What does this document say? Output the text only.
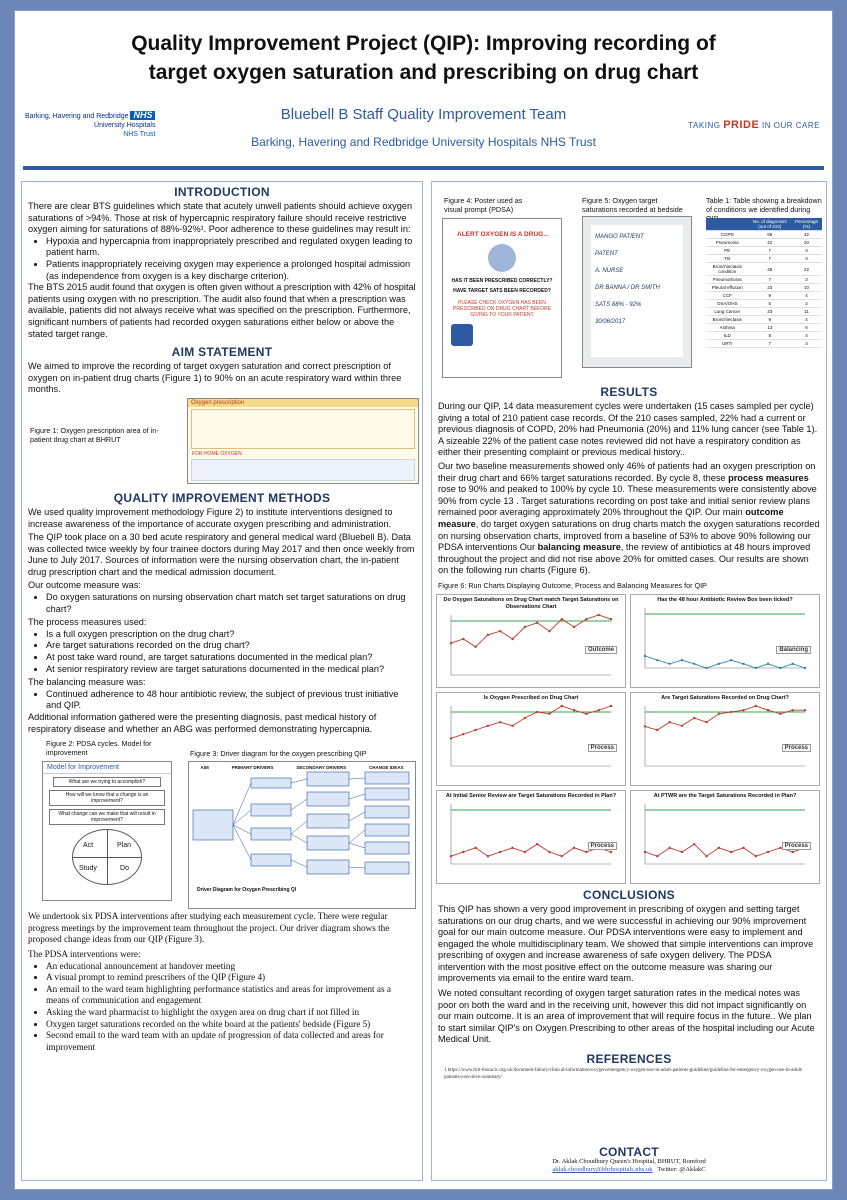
Quality Improvement Project (QIP): Improving recording of
target oxygen saturation and prescribing on drug chart
Barking, Havering and Redbridge NHS
University Hospitals
NHS Trust
TAKING PRIDE IN OUR CARE
Bluebell B Staff Quality Improvement Team
Barking, Havering and Redbridge University Hospitals NHS Trust
INTRODUCTION

There are clear BTS guidelines which state that acutely unwell patients should achieve oxygen saturations of >94%. Those at risk of hypercapnic respiratory failure should receive restrictive oxygen aiming for saturations of 88%-92%¹. Poor adherence to these guidelines may result in:

• Hypoxia and hypercapnia from inappropriately prescribed and regulated oxygen leading to patient harm.
• Patients inappropriately receiving oxygen may experience a prolonged hospital admission (as independence from oxygen is a key discharge criterion).

The BTS 2015 audit found that oxygen is often given without a prescription with 42% of hospital patients using oxygen with no prescription. The audit also found that when a prescription was available, patients did not always receive what was specified on the prescription. Furthermore, significant numbers of patients had recorded oxygen saturations either below or above the stated target range.

AIM STATEMENT

We aimed to improve the recording of target oxygen saturation and correct prescription of oxygen on in-patient drug charts (Figure 1) to 90% on an acute respiratory ward within three months.

Figure 1: Oxygen prescription area of in-patient drug chart at BHRUT
Oxygen prescription
FOR HOME OXYGEN
QUALITY IMPROVEMENT METHODS

We used quality improvement methodology Figure 2) to institute interventions designed to increase awareness of the importance of accurate oxygen prescribing and administration.

The QIP took place on a 30 bed acute respiratory and general medical ward (Bluebell B). Data was collected twice weekly by four trainee doctors during May 2017 and then once weekly from June to July 2017. Sources of information were the nursing observation chart, the in-patient drug prescription chart and the medical admission document.

Our outcome measure was:

• Do oxygen saturations on nursing observation chart match set target saturations on drug chart?

The process measures used:

• Is a full oxygen prescription on the drug chart?
• Are target saturations recorded on the drug chart?
• At post take ward round, are target saturations documented in the medical plan?
• At senior respiratory review are target saturations documented in the medical plan?

The balancing measure was:

• Continued adherence to 48 hour antibiotic review, the subject of previous trust initiative and QIP.

Additional information gathered were the presenting diagnosis, past medical history of respiratory disease and whether an ABG was performed demonstrating hypercapnia.

Figure 2: PDSA cycles. Model for improvement
Model for Improvement
What are we trying to accomplish?
How will we know that a change is an improvement?
What change can we make that will result in improvement?
Act	Plan
Study	Do
Figure 3: Driver diagram for the oxygen prescribing QIP
AIM	PRIMARY DRIVERS	SECONDARY DRIVERS	CHANGE IDEAS
Driver Diagram for Oxygen Prescribing QI

We undertook six PDSA interventions after studying each measurement cycle. There were regular progress meetings by the improvement team throughout the project. Our driver diagram shows the proposed change ideas from our QIP (Figure 3).

The PDSA interventions were:

• An educational announcement at handover meeting
• A visual prompt to remind prescribers of the QIP (Figure 4)
• An email to the ward team highlighting performance statistics and areas for improvement as a means of communication and engagement
• Asking the ward pharmacist to highlight the oxygen area on drug chart if not filled in
• Oxygen target saturations recorded on the white board at the patients' bedside (Figure 5)
• Second email to the ward team with an update of progression of data collected and areas for improvement
Figure 4: Poster used as visual prompt (PDSA)
ALERT OXYGEN IS A DRUG...
HAS IT BEEN PRESCRIBED CORRECTLY?
HAVE TARGET SATS BEEN RECORDED?
PLEASE CHECK OXYGEN HAS BEEN PRESCRIBED ON DRUG CHART BEFORE GIVING TO YOUR PATIENT
Figure 5: Oxygen target saturations recorded at bedside
MANGO PATIENT
PATENT
A. NURSE
DR BANNA / DR SMITH
SATS 88% - 92%
30/06/2017
Table 1: Table showing a breakdown of conditions we identified during
	No. of diagnoses (out of 210)	Percentage (%)
COPD	68	32
Pneumonia	42	20
PE	7	3
TB	7	3
Bronchiectasis condition	48	22
Pneumothorax	7	3
Pleural effusion	23	10
CCF	9	4
OSA/OHS	5	2
Lung Cancer	23	11
Bronchiectasis	9	4
Asthma	13	6
ILD	8	4
URTI	7	3
RESULTS

During our QIP, 14 data measurement cycles were undertaken (15 cases sampled per cycle) giving a total of 210 patient case records. Of the 210 cases sampled, 22% had a current or previous diagnosis of COPD, 20% had Pneumonia (20%) and 11% lung cancer (see Table 1). A sizeable 22% of the patient case notes reviewed did not have a respiratory condition as either their presenting complaint or previous medical history..

Our two baseline measurements showed only 46% of patients had an oxygen prescription on their drug chart and 66% target saturations recorded. By cycle 8, these process measures rose to 90% and peaked to 100% by cycle 10. These measurements were consistently above 90% from cycle 13 . Target saturations recording on post take and initial senior review plans remained poor averaging approximately 20% throughout the QIP. Our main outcome measure, do target oxygen saturations on drug charts match the oxygen saturations recorded on nursing observation charts, improved from a baseline of 53% to above 90% following our PDSA interventions Our balancing measure, the review of antibiotics at 48 hours improved throughout the project and did not rise above 20% for omitted cases. Our results are shown on the following run charts (Figure 6).

Figure 6: Run Charts Displaying Outcome, Process and Balancing Measures for QIP
Do Oxygen Saturations on Drug Chart match Target Saturations on Observations Chart
Outcome
Has the 48 hour Antibiotic Review Box been ticked?
Balancing
Is Oxygen Prescribed on Drug Chart
Process
Are Target Saturations Recorded on Drug Chart?
Process
At Initial Senior Review are Target Saturations Recorded in Plan?
Process
At PTWR are the Target Saturations Recorded in Plan?
Process
CONCLUSIONS

This QIP has shown a very good improvement in prescribing of oxygen and setting target saturations on our drug charts, and we were successful in achieving our 90% improvement goal for our main outcome measure. Our PDSA interventions were easy to implement and engaged the whole multidisciplinary team. We showed that simple interventions can improve prescribing of oxygen and increase awareness of safe oxygen delivery. The PDSA intervention with the most positive effect on the outcome measure was sharing our improvements via email to the entire ward team.

We noted consultant recording of oxygen target saturation rates in the medical notes was poor on both the ward and in the receiving unit, however this did not impact significantly on our main outcome. It is an area of improvement that will require focus in the future.. We plan to start similar QIP's on Oxygen Prescribing to other areas of the hospital including our Acute Medical Unit.

REFERENCES
1 https://www.brit-thoracic.org.uk/document-library/clinical-information/oxygen/emergency-oxygen-use-in-adult-patients-guideline/guideline-for-emergency-oxygen-use-in-adult-patients-executive-summary/
CONTACT
Dr. Aklak Choudhury Queen's Hospital, BHRUT, Romford
aklak.choudhury@bhrhospitals.nhs.uk Twitter: @AklakC
